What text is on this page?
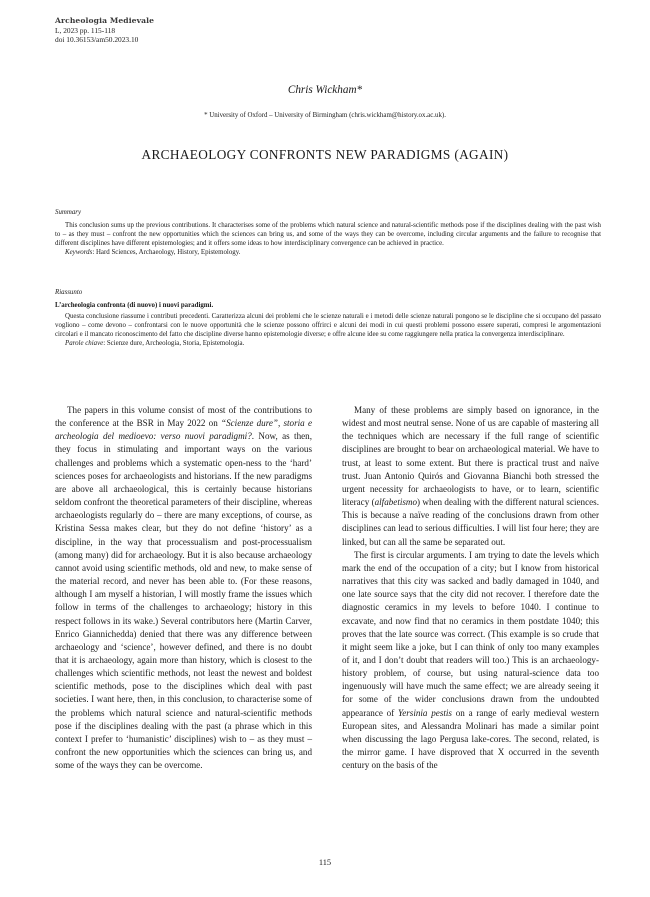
Archeologia Medievale
L, 2023 pp. 115-118
doi 10.36153/am50.2023.10
Chris Wickham*
* University of Oxford – University of Birmingham (chris.wickham@history.ox.ac.uk).
ARCHAEOLOGY CONFRONTS NEW PARADIGMS (AGAIN)
Summary
This conclusion sums up the previous contributions. It characterises some of the problems which natural science and natural-scientific methods pose if the disciplines dealing with the past wish to – as they must – confront the new opportunities which the sciences can bring us, and some of the ways they can be overcome, including circular arguments and the failure to recognise that different disciplines have different epistemologies; and it offers some ideas to how interdisciplinary convergence can be achieved in practice.
Keywords: Hard Sciences, Archaeology, History, Epistemology.
Riassunto
L’archeologia confronta (di nuovo) i nuovi paradigmi.
Questa conclusione riassume i contributi precedenti. Caratterizza alcuni dei problemi che le scienze naturali e i metodi delle scienze naturali pongono se le discipline che si occupano del passato vogliono – come devono – confrontarsi con le nuove opportunità che le scienze possono offrirci e alcuni dei modi in cui questi problemi possono essere superati, compresi le argomentazioni circolari e il mancato riconoscimento del fatto che discipline diverse hanno epistemologie diverse; e offre alcune idee su come raggiungere nella pratica la convergenza interdisciplinare.
Parole chiave: Scienze dure, Archeologia, Storia, Epistemologia.

The papers in this volume consist of most of the contributions to the conference at the BSR in May 2022 on “Scienze dure”, storia e archeologia del medioevo: verso nuovi paradigmi?. Now, as then, they focus in stimulating and important ways on the various challenges and problems which a systematic open-ness to the ‘hard’ sciences poses for archaeologists and historians. If the new paradigms are above all archaeological, this is certainly because historians seldom confront the theoretical parameters of their discipline, whereas archaeologists regularly do – there are many exceptions, of course, as Kristina Sessa makes clear, but they do not define ‘history’ as a discipline, in the way that processualism and post-processualism (among many) did for archaeology. But it is also because archaeology cannot avoid using scientific methods, old and new, to make sense of the material record, and never has been able to. (For these reasons, although I am myself a historian, I will mostly frame the issues which follow in terms of the challenges to archaeology; history in this respect follows in its wake.) Several contributors here (Martin Carver, Enrico Giannichedda) denied that there was any difference between archaeology and ‘science’, however defined, and there is no doubt that it is archaeology, again more than history, which is closest to the challenges which scientific methods, not least the newest and boldest scientific methods, pose to the disciplines which deal with past societies. I want here, then, in this conclusion, to characterise some of the problems which natural science and natural-scientific methods pose if the disciplines dealing with the past (a phrase which in this context I prefer to ‘humanistic’ disciplines) wish to – as they must – confront the new opportunities which the sciences can bring us, and some of the ways they can be overcome.

Many of these problems are simply based on ignorance, in the widest and most neutral sense. None of us are capable of mastering all the techniques which are necessary if the full range of scientific disciplines are brought to bear on archaeological material. We have to trust, at least to some extent. But there is practical trust and naïve trust. Juan Antonio Quirós and Giovanna Bianchi both stressed the urgent necessity for archaeologists to have, or to learn, scientific literacy (alfabetismo) when dealing with the different natural sciences. This is because a naïve reading of the conclusions drawn from other disciplines can lead to serious difficulties. I will list four here; they are linked, but can all the same be separated out.

The first is circular arguments. I am trying to date the levels which mark the end of the occupation of a city; but I know from historical narratives that this city was sacked and badly damaged in 1040, and one late source says that the city did not recover. I therefore date the diagnostic ceramics in my levels to before 1040. I continue to excavate, and now find that no ceramics in them postdate 1040; this proves that the late source was correct. (This example is so crude that it might seem like a joke, but I can think of only too many examples of it, and I don’t doubt that readers will too.) This is an archaeology-history problem, of course, but using natural-science data too ingenuously will have much the same effect; we are already seeing it for some of the wider conclusions drawn from the undoubted appearance of Yersinia pestis on a range of early medieval western European sites, and Alessandra Molinari has made a similar point when discussing the lago Pergusa lake-cores. The second, related, is the mirror game. I have disproved that X occurred in the seventh century on the basis of the

115
